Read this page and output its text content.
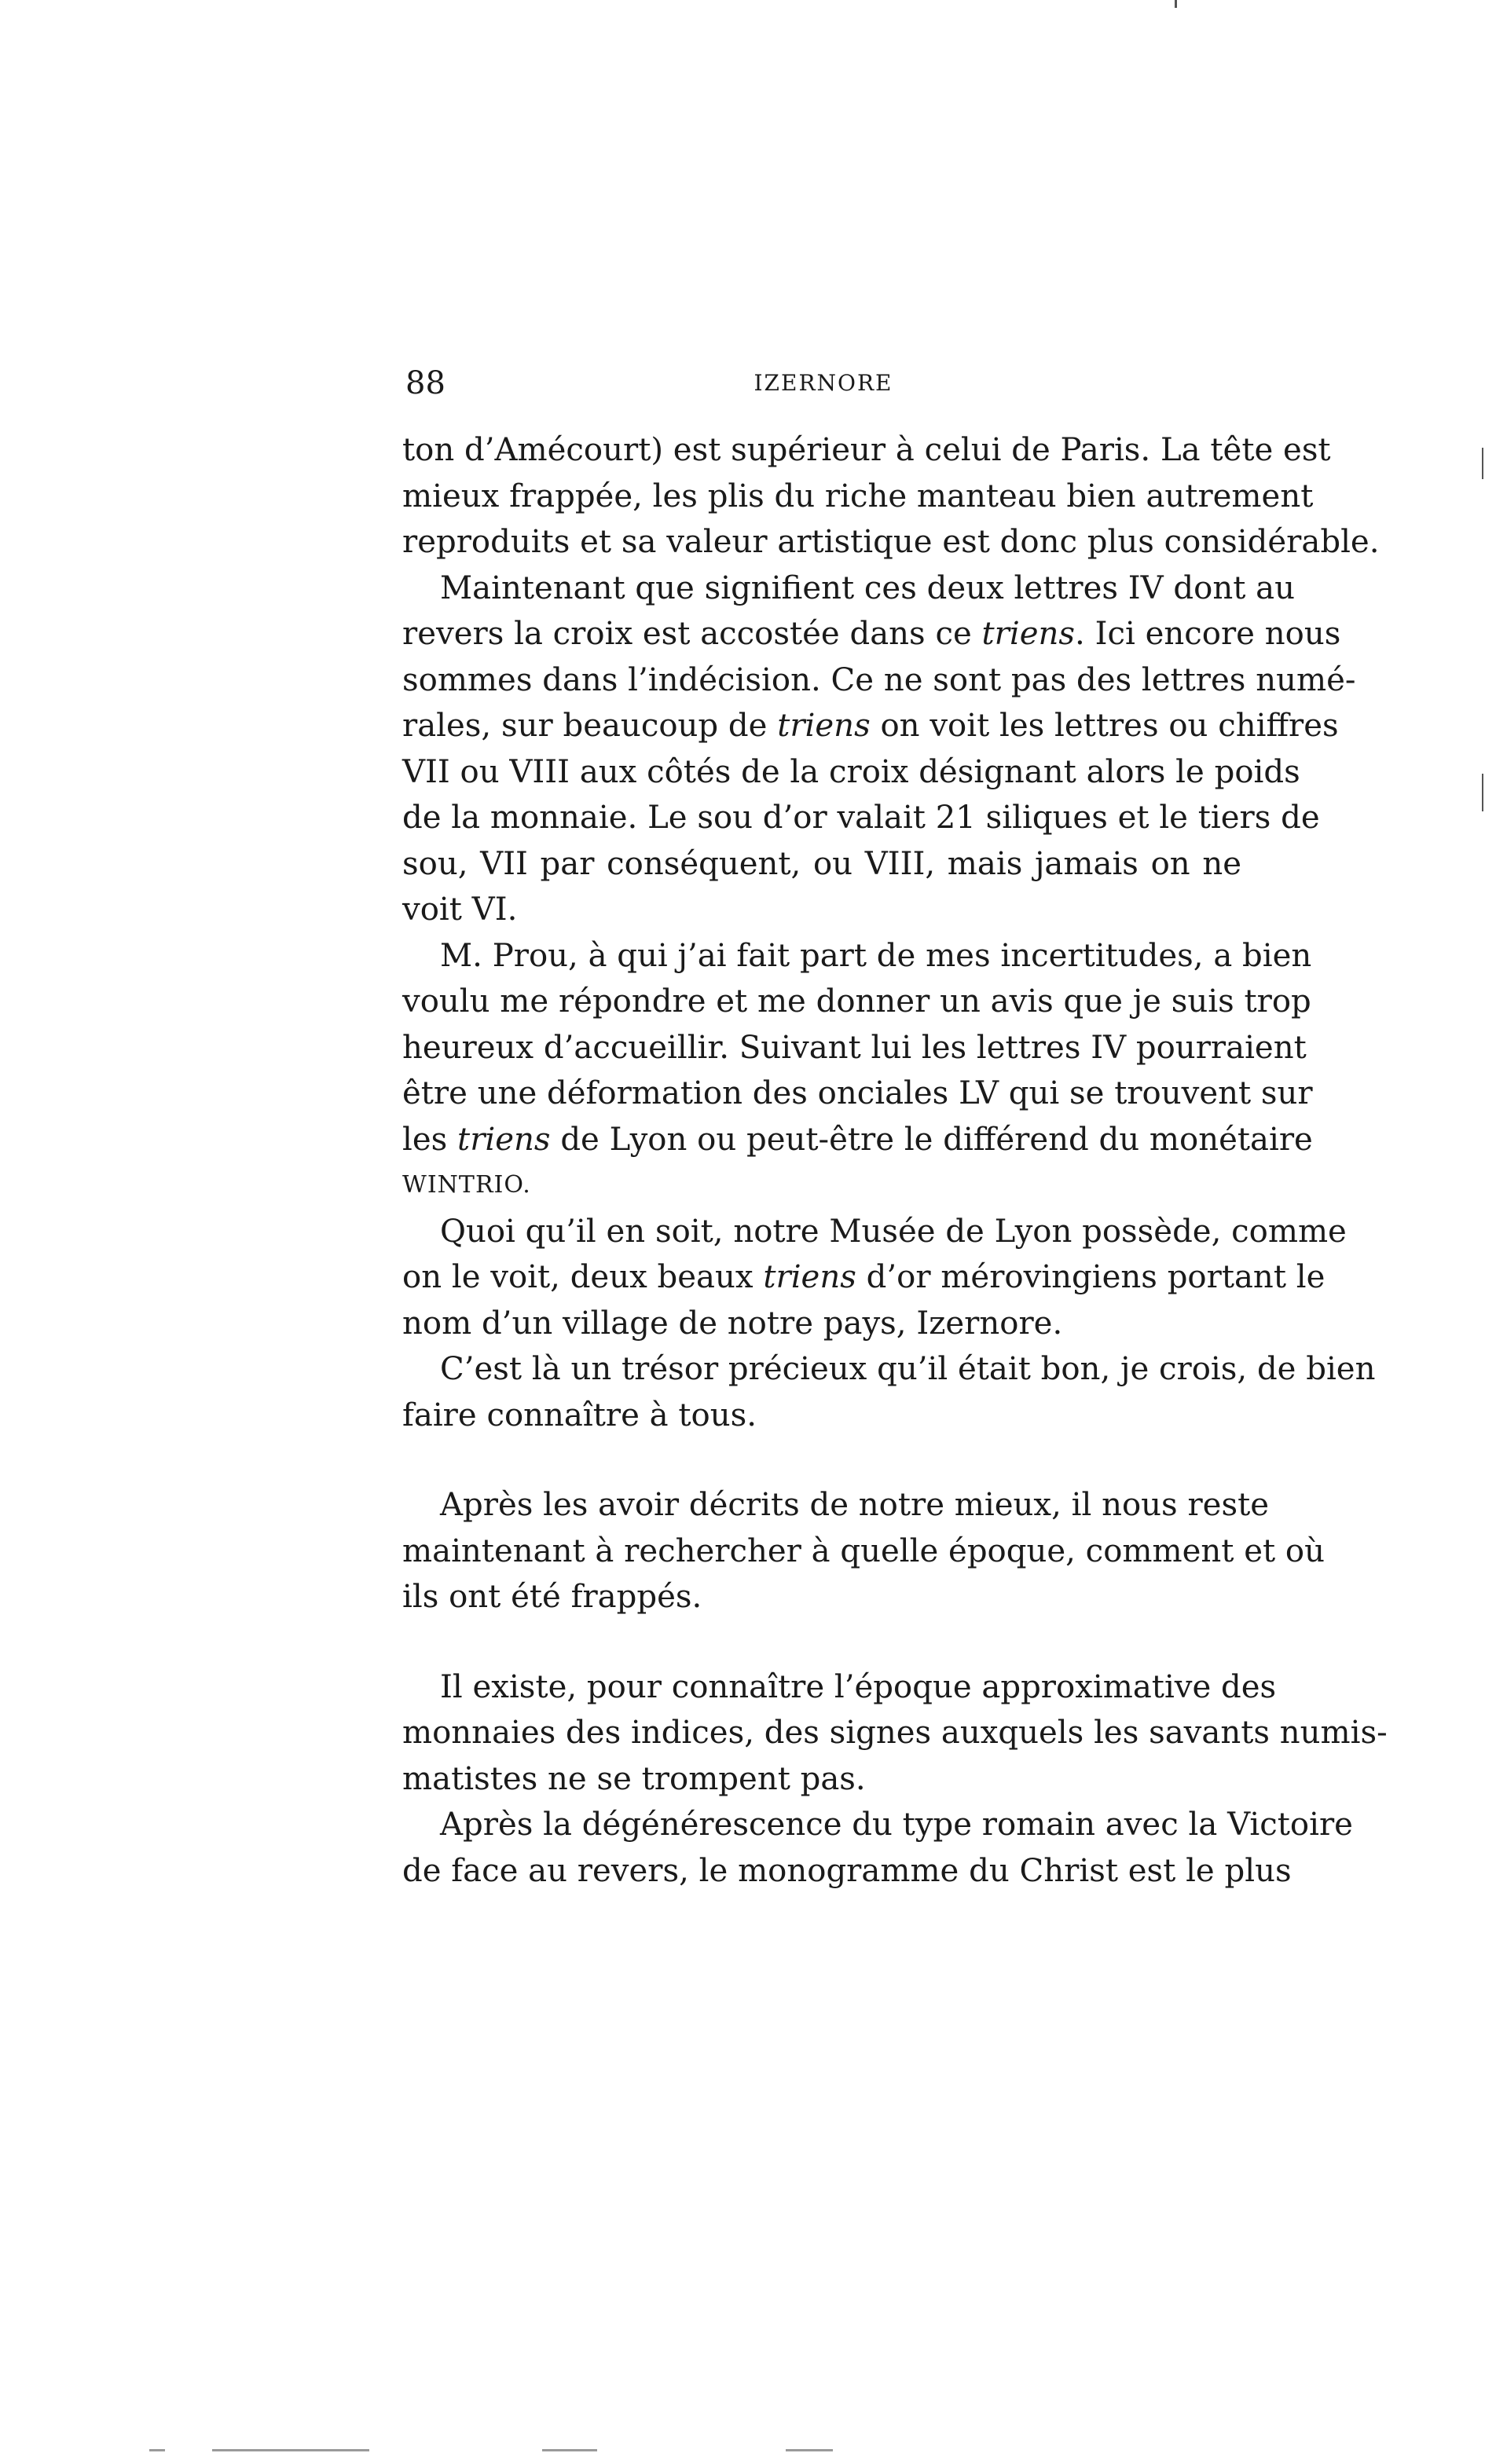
88	IZERNORE
ton d’Amécourt) est supérieur à celui de Paris. La tête est
mieux frappée, les plis du riche manteau bien autrement
reproduits et sa valeur artistique est donc plus considérable.
Maintenant que signifient ces deux lettres IV dont au
revers la croix est accostée dans ce triens. Ici encore nous
sommes dans l’indécision. Ce ne sont pas des lettres numé-
rales, sur beaucoup de triens on voit les lettres ou chiffres
VII ou VIII aux côtés de la croix désignant alors le poids
de la monnaie. Le sou d’or valait 21 siliques et le tiers de
sou, VII par conséquent, ou VIII, mais jamais on ne
voit VI.
M. Prou, à qui j’ai fait part de mes incertitudes, a bien
voulu me répondre et me donner un avis que je suis trop
heureux d’accueillir. Suivant lui les lettres IV pourraient
être une déformation des onciales LV qui se trouvent sur
les triens de Lyon ou peut-être le différend du monétaire
WINTRIO.
Quoi qu’il en soit, notre Musée de Lyon possède, comme
on le voit, deux beaux triens d’or mérovingiens portant le
nom d’un village de notre pays, Izernore.
C’est là un trésor précieux qu’il était bon, je crois, de bien
faire connaître à tous.
Après les avoir décrits de notre mieux, il nous reste
maintenant à rechercher à quelle époque, comment et où
ils ont été frappés.
Il existe, pour connaître l’époque approximative des
monnaies des indices, des signes auxquels les savants numis-
matistes ne se trompent pas.
Après la dégénérescence du type romain avec la Victoire
de face au revers, le monogramme du Christ est le plus
